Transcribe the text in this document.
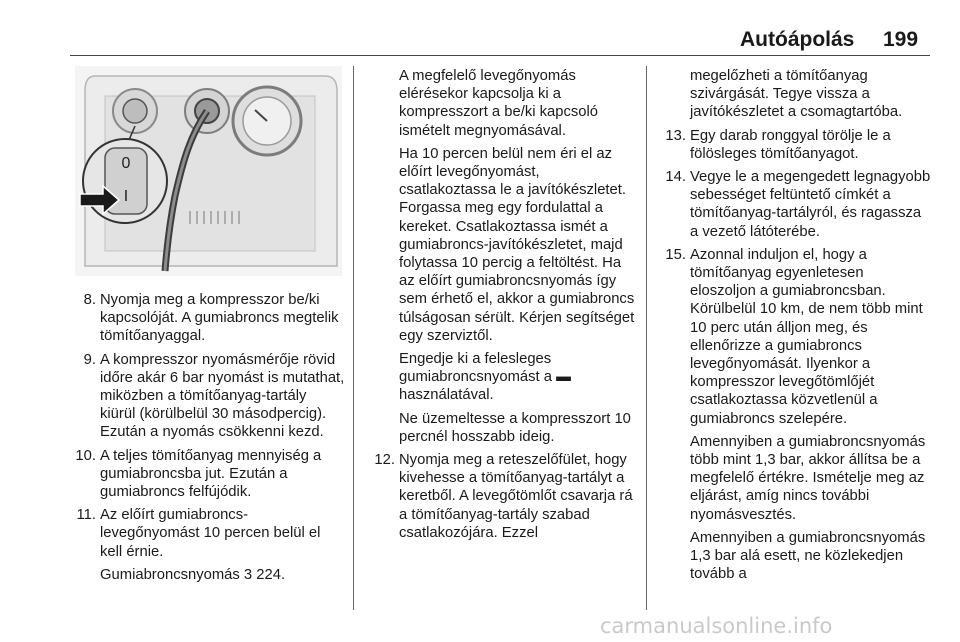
Autóápolás 199
0
I
8. Nyomja meg a kompresszor be/ki kapcsolóját. A gumiabroncs megtelik tömítőanyaggal.
9. A kompresszor nyomásmérője rövid időre akár 6 bar nyomást is mutathat, miközben a tömítőanyag-tartály kiürül (körülbelül 30 másodpercig). Ezután a nyomás csökkenni kezd.
10. A teljes tömítőanyag mennyiség a gumiabroncsba jut. Ezután a gumiabroncs felfújódik.
11. Az előírt gumiabroncs-levegőnyomást 10 percen belül el kell érnie.
Gumiabroncsnyomás 3 224.
A megfelelő levegőnyomás elérésekor kapcsolja ki a kompresszort a be/ki kapcsoló ismételt megnyomásával.
Ha 10 percen belül nem éri el az előírt levegőnyomást, csatlakoztassa le a javítókészletet. Forgassa meg egy fordulattal a kereket. Csatlakoztassa ismét a gumiabroncs-javítókészletet, majd folytassa 10 percig a feltöltést. Ha az előírt gumiabroncsnyomás így sem érhető el, akkor a gumiabroncs túlságosan sérült. Kérjen segítséget egy szerviztől.
Engedje ki a felesleges gumiabroncsnyomást a ▬ használatával.
Ne üzemeltesse a kompresszort 10 percnél hosszabb ideig.
12. Nyomja meg a reteszelőfület, hogy kivehesse a tömítőanyag-tartályt a keretből. A levegőtömlőt csavarja rá a tömítőanyag-tartály szabad csatlakozójára. Ezzel
megelőzheti a tömítőanyag szivárgását. Tegye vissza a javítókészletet a csomagtartóba.
13. Egy darab ronggyal törölje le a fölösleges tömítőanyagot.
14. Vegye le a megengedett legnagyobb sebességet feltüntető címkét a tömítőanyag-tartályról, és ragassza a vezető látóterébe.
15. Azonnal induljon el, hogy a tömítőanyag egyenletesen eloszoljon a gumiabroncsban. Körülbelül 10 km, de nem több mint 10 perc után álljon meg, és ellenőrizze a gumiabroncs levegőnyomását. Ilyenkor a kompresszor levegőtömlőjét csatlakoztassa közvetlenül a gumiabroncs szelepére.
Amennyiben a gumiabroncsnyomás több mint 1,3 bar, akkor állítsa be a megfelelő értékre. Ismételje meg az eljárást, amíg nincs további nyomásvesztés.
Amennyiben a gumiabroncsnyomás 1,3 bar alá esett, ne közlekedjen tovább a
carmanualsonline.info
